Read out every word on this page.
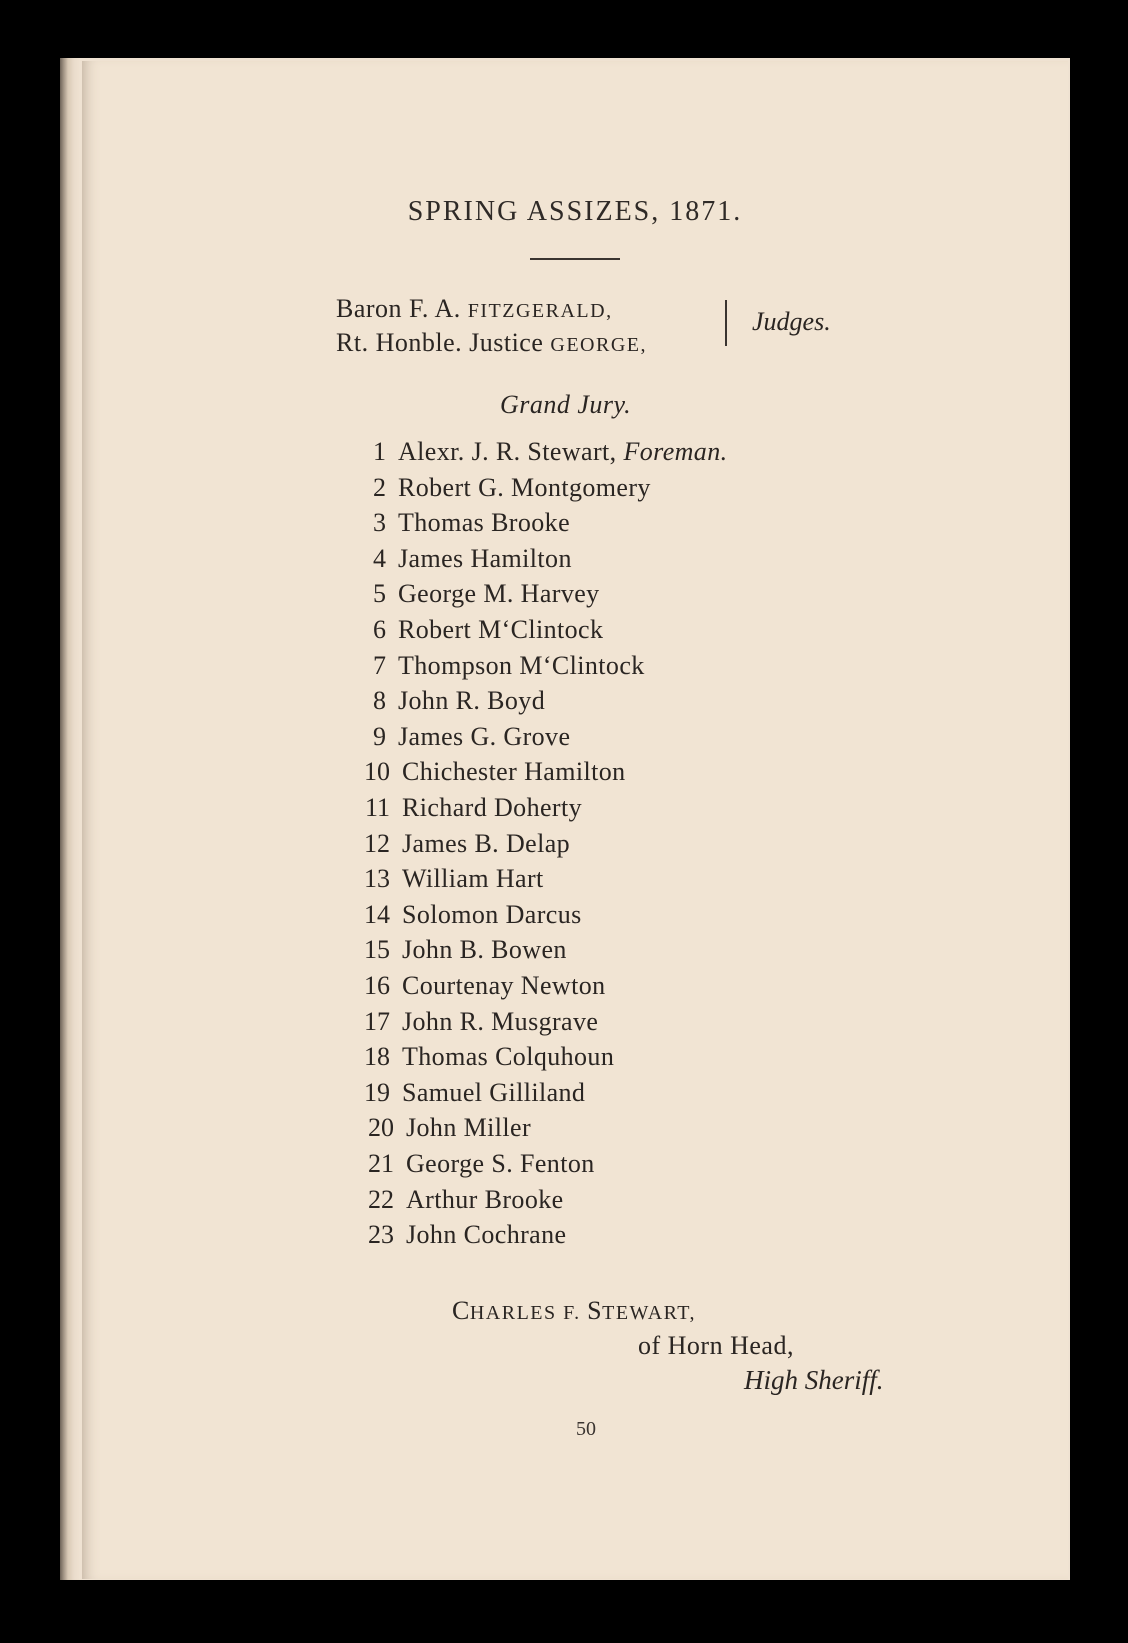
SPRING ASSIZES, 1871.
Baron F. A. FITZGERALD,
Rt. Honble. Justice GEORGE,
Judges.
Grand Jury.
1 Alexr. J. R. Stewart, Foreman.
2 Robert G. Montgomery
3 Thomas Brooke
4 James Hamilton
5 George M. Harvey
6 Robert M‘Clintock
7 Thompson M‘Clintock
8 John R. Boyd
9 James G. Grove
10 Chichester Hamilton
11 Richard Doherty
12 James B. Delap
13 William Hart
14 Solomon Darcus
15 John B. Bowen
16 Courtenay Newton
17 John R. Musgrave
18 Thomas Colquhoun
19 Samuel Gilliland
20 John Miller
21 George S. Fenton
22 Arthur Brooke
23 John Cochrane
CHARLES F. STEWART,
of Horn Head,
High Sheriff.
50
